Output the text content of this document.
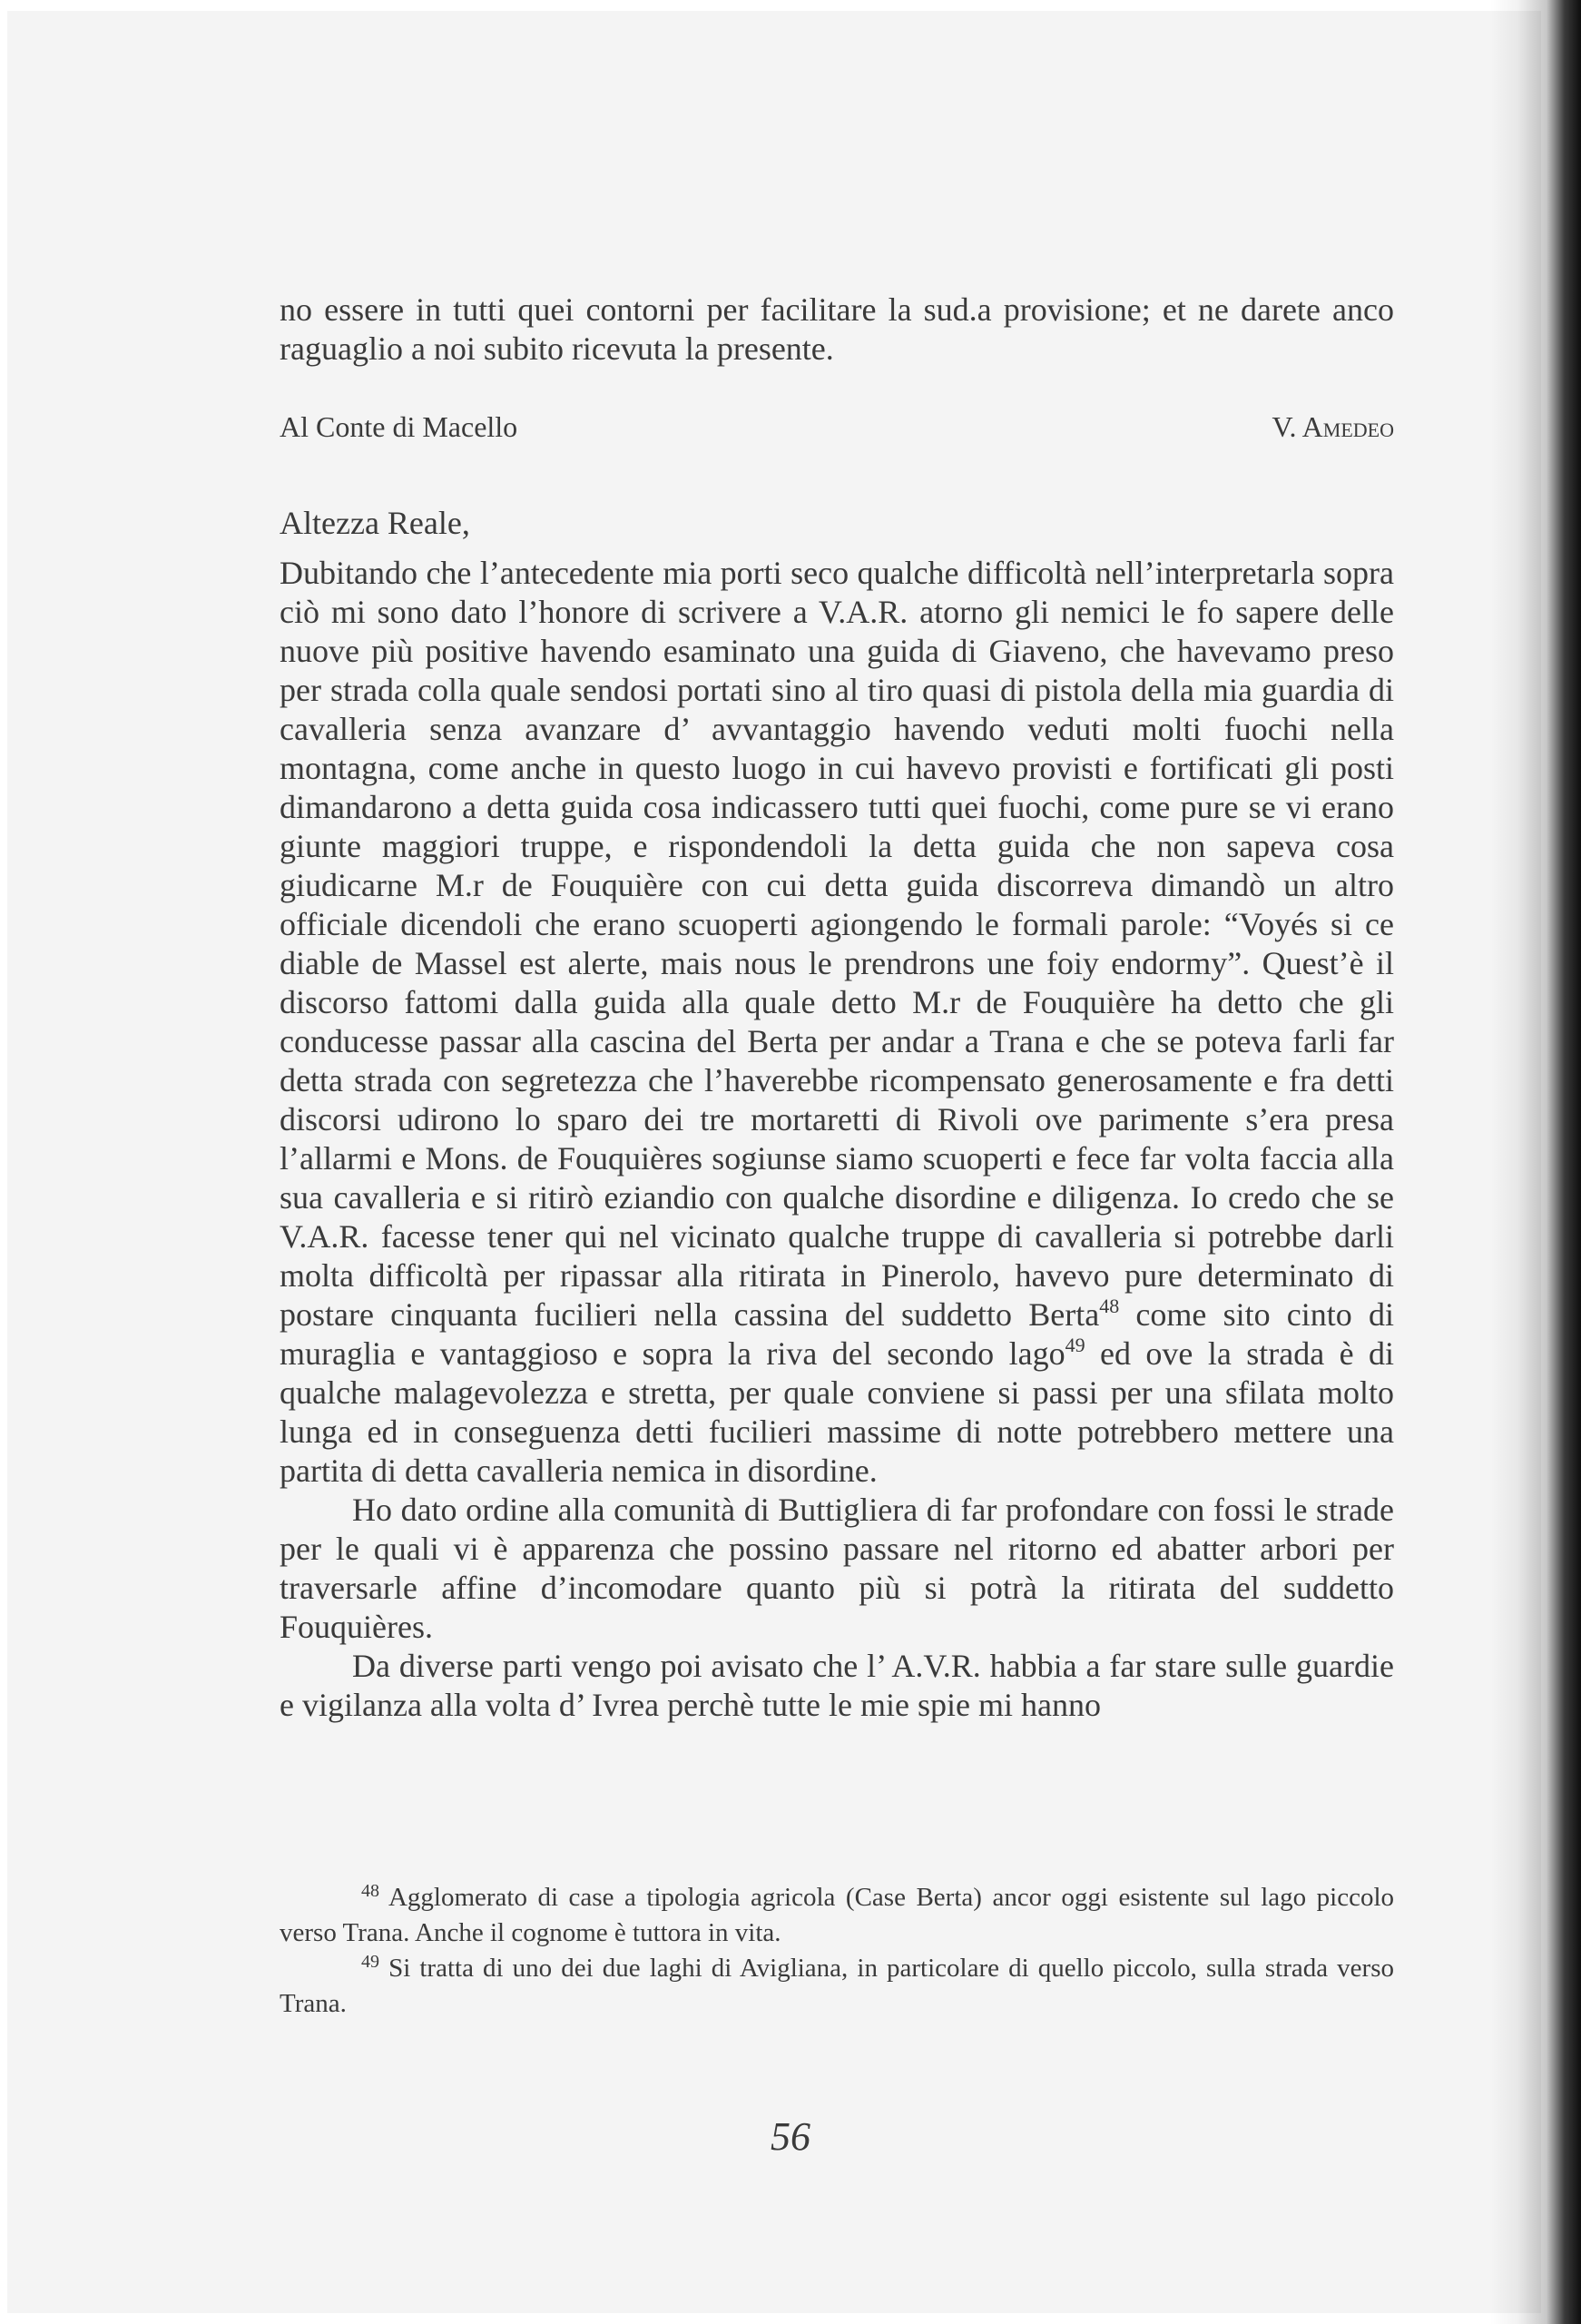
no essere in tutti quei contorni per facilitare la sud.a provisione; et ne darete anco raguaglio a noi subito ricevuta la presente.

Al Conte di Macello	V. Amedeo
Altezza Reale,

Dubitando che l’antecedente mia porti seco qualche difficoltà nell’interpretarla sopra ciò mi sono dato l’honore di scrivere a V.A.R. atorno gli nemici le fo sapere delle nuove più positive havendo esaminato una guida di Giaveno, che havevamo preso per strada colla quale sendosi portati sino al tiro quasi di pistola della mia guardia di cavalleria senza avanzare d’ avvantaggio havendo veduti molti fuochi nella montagna, come anche in questo luogo in cui havevo provisti e fortificati gli posti dimandarono a detta guida cosa indicassero tutti quei fuochi, come pure se vi erano giunte maggiori truppe, e rispondendoli la detta guida che non sapeva cosa giudicarne M.r de Fouquière con cui detta guida discorreva dimandò un altro officiale dicendoli che erano scuoperti agiongendo le formali parole: “Voyés si ce diable de Massel est alerte, mais nous le prendrons une foiy endormy”. Quest’è il discorso fattomi dalla guida alla quale detto M.r de Fouquière ha detto che gli conducesse passar alla cascina del Berta per andar a Trana e che se poteva farli far detta strada con segretezza che l’haverebbe ricompensato generosamente e fra detti discorsi udirono lo sparo dei tre mortaretti di Rivoli ove parimente s’era presa l’allarmi e Mons. de Fouquières sogiunse siamo scuoperti e fece far volta faccia alla sua cavalleria e si ritirò eziandio con qualche disordine e diligenza. Io credo che se V.A.R. facesse tener qui nel vicinato qualche truppe di cavalleria si potrebbe darli molta difficoltà per ripassar alla ritirata in Pinerolo, havevo pure determinato di postare cinquanta fucilieri nella cassina del suddetto Berta$^{48}$ come sito cinto di muraglia e vantaggioso e sopra la riva del secondo lago$^{49}$ ed ove la strada è di qualche malagevolezza e stretta, per quale conviene si passi per una sfilata molto lunga ed in conseguenza detti fucilieri massime di notte potrebbero mettere una partita di detta cavalleria nemica in disordine.

Ho dato ordine alla comunità di Buttigliera di far profondare con fossi le strade per le quali vi è apparenza che possino passare nel ritorno ed abatter arbori per traversarle affine d’incomodare quanto più si potrà la ritirata del suddetto Fouquières.

Da diverse parti vengo poi avisato che l’ A.V.R. habbia a far stare sulle guardie e vigilanza alla volta d’ Ivrea perchè tutte le mie spie mi hanno

$^{48}$ Agglomerato di case a tipologia agricola (Case Berta) ancor oggi esistente sul lago piccolo verso Trana. Anche il cognome è tuttora in vita.

$^{49}$ Si tratta di uno dei due laghi di Avigliana, in particolare di quello piccolo, sulla strada verso Trana.

56
